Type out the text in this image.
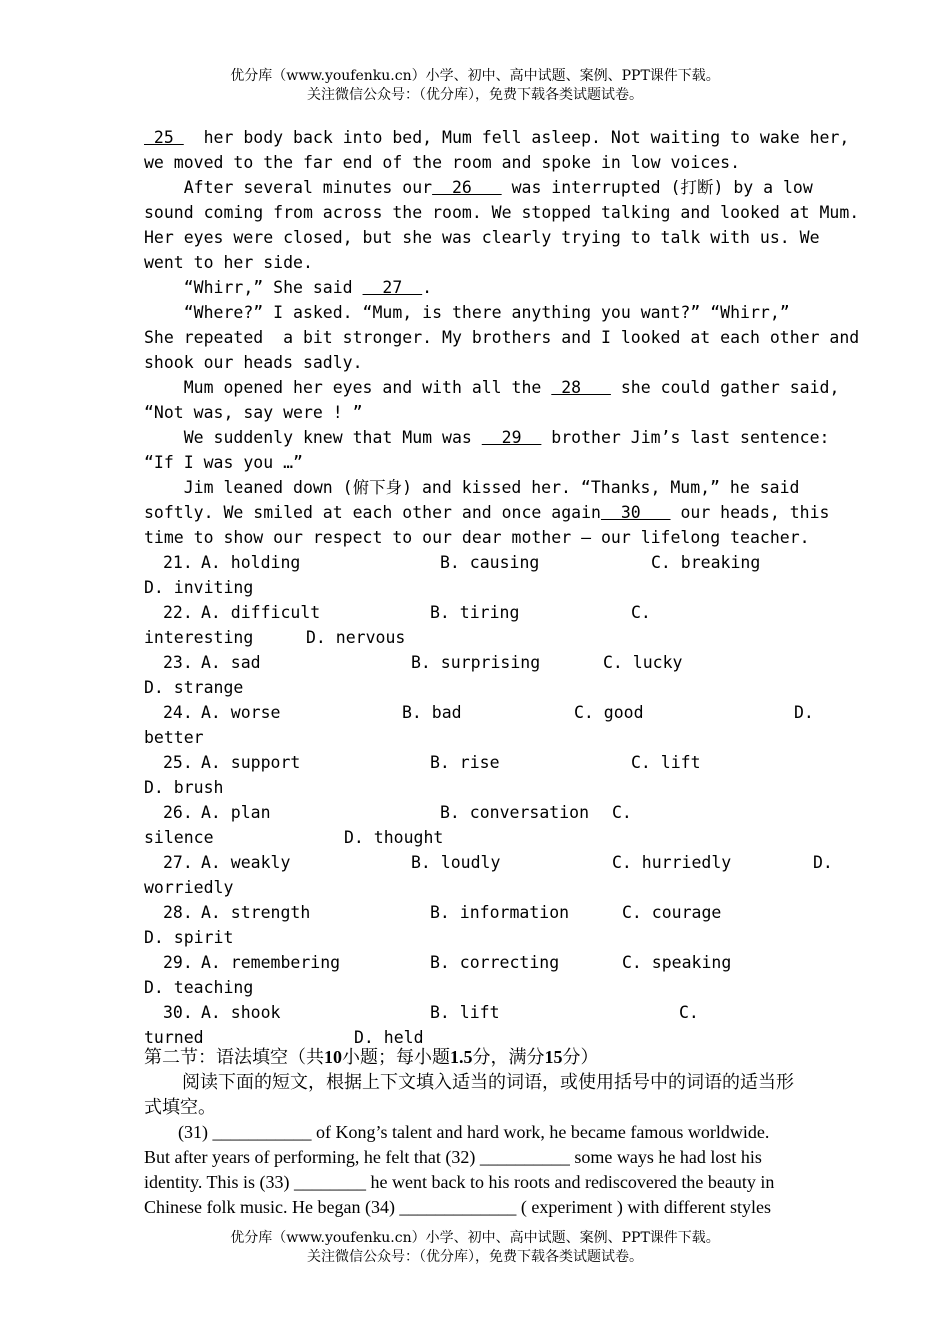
优分库（www.youfenku.cn）小学、初中、高中试题、案例、PPT课件下载。
关注微信公众号：（优分库），免费下载各类试题试卷。
25   her body back into bed, Mum fell asleep. Not waiting to wake her,
we moved to the far end of the room and spoke in low voices.
After several minutes our  26    was interrupted (打断) by a low
sound coming from across the room. We stopped talking and looked at Mum.
Her eyes were closed, but she was clearly trying to talk with us. We
went to her side.
“Whirr,” She said   27  .
“Where?” I asked. “Mum, is there anything you want?” “Whirr,”
She repeated  a bit stronger. My brothers and I looked at each other and
shook our heads sadly.
Mum opened her eyes and with all the  28    she could gather said,
“Not was, say were ! ”
We suddenly knew that Mum was   29   brother Jim’s last sentence:
“If I was you …”
Jim leaned down (俯下身) and kissed her. “Thanks, Mum,” he said
softly. We smiled at each other and once again  30    our heads, this
time to show our respect to our dear mother – our lifelong teacher.
21. A. holding	B. causing	C. breaking
D. inviting
22. A. difficult	B. tiring	C.
interesting	D. nervous
23. A. sad	B. surprising	C. lucky
D. strange
24. A. worse	B. bad	C. good	D.
better
25. A. support	B. rise	C. lift
D. brush
26. A. plan	B. conversation C.
silence	D. thought
27. A. weakly	B. loudly	C. hurriedly	D.
worriedly
28. A. strength	B. information	C. courage
D. spirit
29. A. remembering	B. correcting	C. speaking
D. teaching
30. A. shook	B. lift	C.
turned	D. held
第二节：语法填空（共10小题；每小题1.5分，满分15分）
阅读下面的短文，根据上下文填入适当的词语，或使用括号中的词语的适当形
式填空。
(31) ___________ of Kong’s talent and hard work, he became famous worldwide.
But after years of performing, he felt that (32) __________ some ways he had lost his
identity. This is (33) ________ he went back to his roots and rediscovered the beauty in
Chinese folk music. He began (34) _____________ ( experiment ) with different styles
优分库（www.youfenku.cn）小学、初中、高中试题、案例、PPT课件下载。
关注微信公众号：（优分库），免费下载各类试题试卷。
